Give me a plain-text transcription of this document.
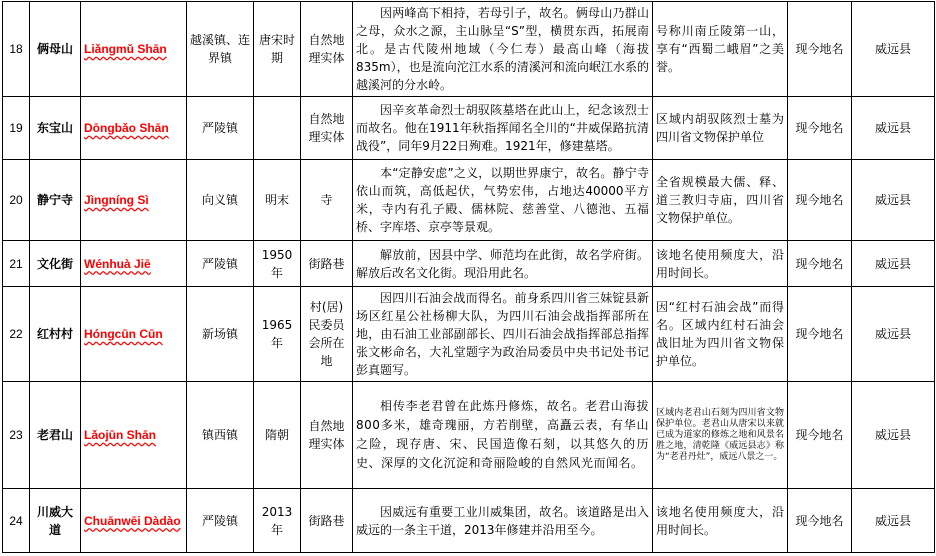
18	俩母山	Liǎngmǔ Shān	越溪镇、连界镇	唐宋时期	自然地理实体	因两峰高下相持，若母引子，故名。俩母山乃群山之母，众水之源，主山脉呈“S”型，横贯东西，拓展南北。是古代陵州地域（今仁寿）最高山峰（海拔835m），也是流向沱江水系的清溪河和流向岷江水系的越溪河的分水岭。	号称川南丘陵第一山，享有“西蜀二峨眉”之美誉。	现今地名	威远县
19	东宝山	Dōngbǎo Shān	严陵镇		自然地理实体	因辛亥革命烈士胡驭陔墓塔在此山上，纪念该烈士而故名。他在1911年秋指挥闻名全川的“井威保路抗清战役”，同年9月22日殉难。1921年，修建墓塔。	区域内胡驭陔烈士墓为四川省文物保护单位	现今地名	威远县
20	静宁寺	Jìngníng Sì	向义镇	明末	寺	本“定静安虑”之义，以期世界康宁，故名。静宁寺依山而筑，高低起伏，气势宏伟，占地达40000平方米，寺内有孔子殿、儒林院、慈善堂、八德池、五福桥、字库塔、京亭等景观。	全省规模最大儒、释、道三教归寺庙，四川省文物保护单位。	现今地名	威远县
21	文化街	Wénhuà Jiē	严陵镇	1950年	街路巷	解放前，因县中学、师范均在此街，故名学府街。解放后改名文化街。现沿用此名。	该地名使用频度大，沿用时间长。	现今地名	威远县
22	红村村	Hóngcūn Cūn	新场镇	1965年	村(居)民委员会所在地	因四川石油会战而得名。前身系四川省三妹锭县新场区红星公社杨柳大队，为四川石油会战指挥部所在地，由石油工业部副部长、四川石油会战指挥部总指挥张文彬命名，大礼堂题字为政治局委员中央书记处书记彭真题写。	因“红村石油会战”而得名。区域内红村石油会战旧址为四川省文物保护单位。	现今地名	威远县
23	老君山	Lǎojūn Shān	镇西镇	隋朝	自然地理实体	相传李老君曾在此炼丹修炼，故名。老君山海拔800多米，雄奇瑰丽，方若削壁，高矗云表，有华山之险，现存唐、宋、民国造像石刻，以其悠久的历史、深厚的文化沉淀和奇丽险峻的自然风光而闻名。	区域内老君山石刻为四川省文物保护单位。老君山从唐宋以来就已成为道家的修炼之地和风景名胜之地，清乾隆《威远县志》称为“老君丹灶”，威远八景之一。	现今地名	威远县
24	川威大道	Chuānwēi Dàdào	严陵镇	2013年	街路巷	因威远有重要工业川威集团，故名。该道路是出入威远的一条主干道，2013年修建并沿用至今。	该地名使用频度大，沿用时间长。	现今地名	威远县
